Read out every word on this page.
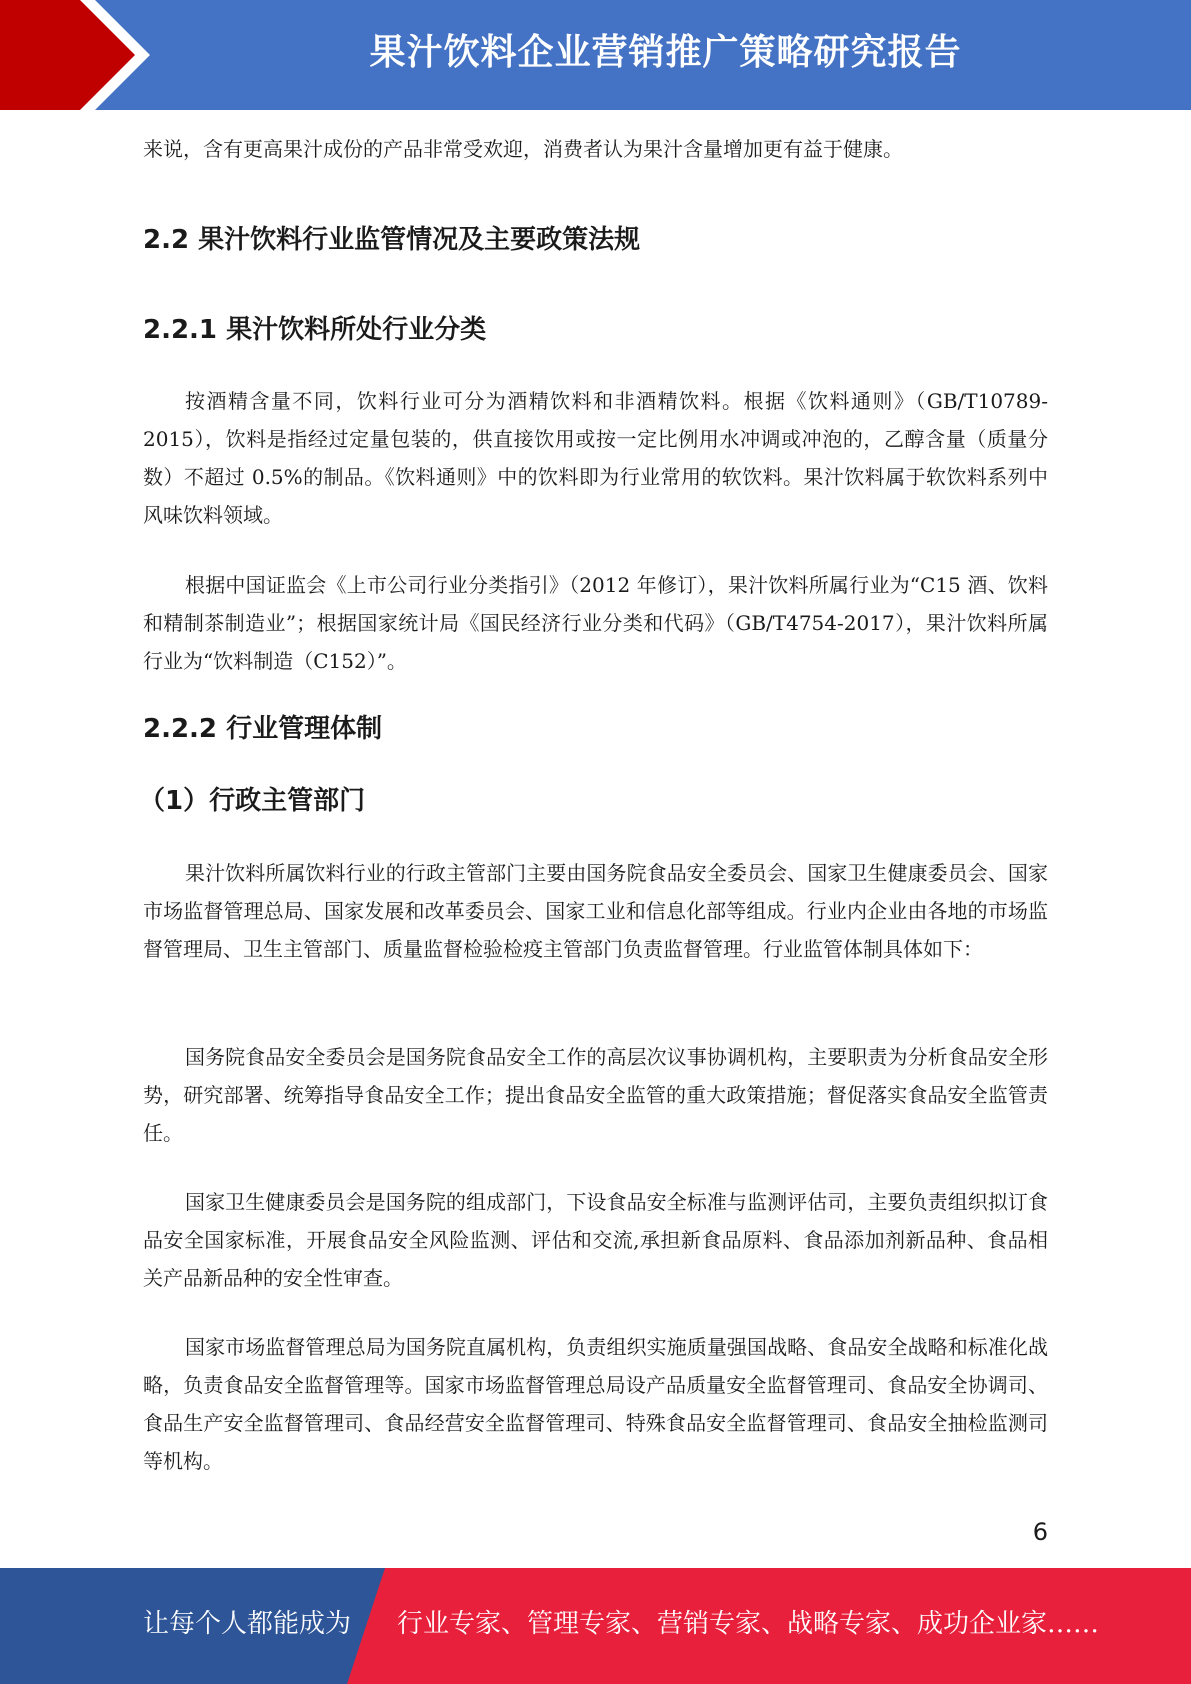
果汁饮料企业营销推广策略研究报告

来说，含有更高果汁成份的产品非常受欢迎，消费者认为果汁含量增加更有益于健康。

2.2 果汁饮料行业监管情况及主要政策法规
2.2.1 果汁饮料所处行业分类

按酒精含量不同，饮料行业可分为酒精饮料和非酒精饮料。根据《饮料通则》（GB/T10789-2015），饮料是指经过定量包装的，供直接饮用或按一定比例用水冲调或冲泡的，乙醇含量（质量分数）不超过 0.5%的制品。《饮料通则》中的饮料即为行业常用的软饮料。果汁饮料属于软饮料系列中风味饮料领域。

根据中国证监会《上市公司行业分类指引》（2012 年修订），果汁饮料所属行业为“C15 酒、饮料和精制茶制造业”；根据国家统计局《国民经济行业分类和代码》（GB/T4754-2017），果汁饮料所属行业为“饮料制造（C152）”。

2.2.2 行业管理体制
（1）行政主管部门

果汁饮料所属饮料行业的行政主管部门主要由国务院食品安全委员会、国家卫生健康委员会、国家市场监督管理总局、国家发展和改革委员会、国家工业和信息化部等组成。行业内企业由各地的市场监督管理局、卫生主管部门、质量监督检验检疫主管部门负责监督管理。行业监管体制具体如下：

国务院食品安全委员会是国务院食品安全工作的高层次议事协调机构，主要职责为分析食品安全形势，研究部署、统筹指导食品安全工作；提出食品安全监管的重大政策措施；督促落实食品安全监管责任。

国家卫生健康委员会是国务院的组成部门，下设食品安全标准与监测评估司，主要负责组织拟订食品安全国家标准，开展食品安全风险监测、评估和交流,承担新食品原料、食品添加剂新品种、食品相关产品新品种的安全性审查。

国家市场监督管理总局为国务院直属机构，负责组织实施质量强国战略、食品安全战略和标准化战略，负责食品安全监督管理等。国家市场监督管理总局设产品质量安全监督管理司、食品安全协调司、食品生产安全监督管理司、食品经营安全监督管理司、特殊食品安全监督管理司、食品安全抽检监测司等机构。

6
让每个人都能成为 行业专家、管理专家、营销专家、战略专家、成功企业家……
